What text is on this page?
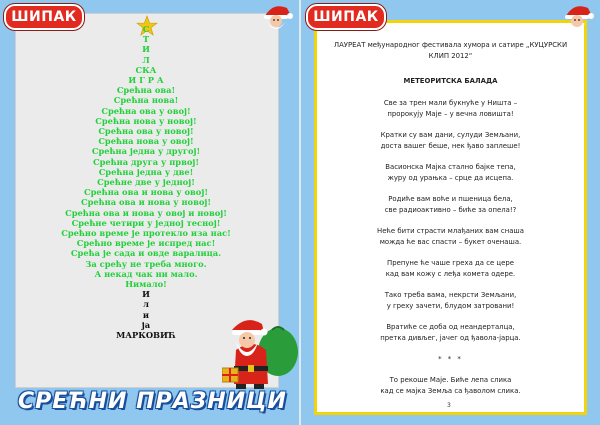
ШИПАК
С
Т
И
Л
СКА
И Г Р А
Срећна ова!
Срећна нова!
Срећна ова у овој!
Срећна нова у новој!
Срећна ова у новој!
Срећна нова у овој!
Срећна једна у другој!
Срећна друга у првој!
Срећна једна у две!
Срећне две у једној!
Срећна ова и нова у овој!
Срећна ова и нова у новој!
Срећна ова и нова у овој и новој!
Срећне четири у једној тесној!
Срећно време је протекло иза нас!
Срећно време је испред нас!
Срећа је сада и овде варалица.
За срећу не треба много.
А некад чак ни мало.
Нимало!
И
л
и
ја
МАРКОВИЋ
СРЕЋНИ ПРАЗНИЦИ
ШИПАК
ЛАУРЕАТ међународног фестивала хумора и сатире „КУЦУРСКИ КЛИП 2012“
МЕТЕОРИТСКА БАЛАДА
Све за трен мали букнуће у Ништа –
пророкују Маје – у вечна ловишта!
Кратки су вам дани, сулуди Земљани,
доста вашег беше, нек ђаво заплеше!
Васионска Мајка стално бајке тепа,
журу од урањка – срце да исцепа.
Родиће вам воће и пшеница бела,
све радиоактивно – биће за опела!?
Неће бити страсти млађаних вам снаша
можда ће вас спасти – букет оченаша.
Препуне ће чаше греха да се цере
кад вам кожу с леђа комета одере.
Тако треба вама, некрсти Земљани,
у греху зачети, блудом затровани!
Вратиће се доба од неандерталца,
претка дивљег, јачег од ђавола-јарца.
* * *
То рекоше Маје. Биће лепа слика
кад се мајка Земља са ђаволом слика.
3
